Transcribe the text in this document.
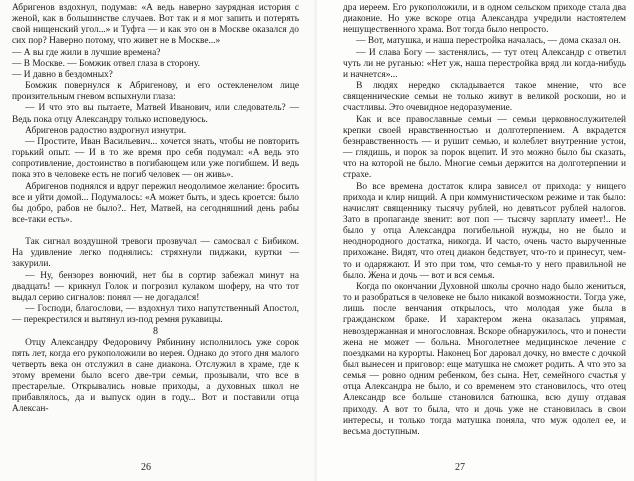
Абригенов вздохнул, подумав: «А ведь наверно заурядная история с женой, как в большинстве случаев. Вот так и я мог запить и потерять свой нищенский угол...» и Туфта — и как это он в Москве оказался до сих пор? Наверно потому, что живет не в Москве...»

— А вы где жили в лучшие времена?

— В Москве. — Бомжик отвел глаза в сторону.

— И давно в бездомных?

Бомжик повернулся к Абригенову, и его остекленелом лице произительным гневом вспыхнули глаза:

— И что это вы пытаете, Матвей Иванович, или следователь? — Ведь пока отцу Александру только исповедуюсь.

Абригенов радостно вздрогнул изнутри.

— Простите, Иван Васильевич... хочется знать, чтобы не повторить горький опыт. — И в то же время про себя подумал: «А ведь это сопротивление, достоинство в погибающем или уже погибшем. И ведь пока это в человеке есть не погиб человек — он живь».

Абригенов поднялся и вдруг пережил неодолимое желание: бросить все и уйти домой... Подумалось: «А может быть, и здесь кроется: было бы добро, рабов не было?.. Нет, Матвей, на сегодняшний день рабы все-таки есть».

Так сигнал воздушной тревоги прозвучал — самосвал с Бибиком. На удивление легко поднялись: стряхнули пиджаки, куртки — закурили.

— Ну, бензорез вонючий, нет бы в сортир забежал минут на двадцать! — крикнул Голок и погрозил кулаком шоферу, на что тот выдал серию сигналов: понял — не догадался!

— Господи, благослови, — вздохнул тихо напутственный Апостол, — перекрестился и вытянул из-под ремня рукавицы.

8

Отцу Александру Федоровичу Рябинину исполнилось уже сорок пять лет, когда его рукоположили во иерея. Однако до этого дня малого четверть века он отслужил в сане диакона. Отслужил в храме, где к этому времени было всего две-три семьи, прозывали, что все в престарелые. Открывались новые приходы, а духовных школ не прибавлялось, да и выпуск один в году... Вот и поставили отца Алексан-

26

дра иереем. Его рукоположили, и в одном сельском приходе стала два диаконие. Но уже вскоре отца Александра учредили настоятелем нешущественного храма. Вот тогда было непросто.

— Вот, матушка, и наша перестройка началась, — домa сказал он.

— И слава Богу — застенялись, — тут отец Александр с ответил чуть ли не руганью: «Нет уж, наша перестройка вряд ли когда-нибудь и начнется»...

В людях нередко складывается такое мнение, что все священнические семьи не только живут в великой роскоши, но и счастливы. Это очевидное недоразумение.

Как и все православные семьи — семьи церковнослужителей крепки своей нравственностью и долготерпением. А вкрадется безнравственность — и рушит семью, и колеблет внутренние устои, — глядишь, и порок за порок вцепит. И это можно было бы сказать, что на которой не было. Многие семьи держится на долготерпении и страхе.

Во все времена достаток клира зависел от прихода: у нищего прихода и клир нищий. А при коммунистическом режиме и так было: начислят священнику тысячу рублей, но девятьсот рублей налогов. Зато в пропаганде звенит: вот поп — тысячу зарплату имеет!.. Не было у отца Александра погибельной нужды, но не было и неоднородного достатка, никогда. И часто, очень часто вырученные прихожане. Видят, что отец диакон бедствует, что-то и принесут, чем-то и одаряжают. И это при том, что семья-то у него правильной не было. Жена и дочь — вот и вся семья.

Когда по окончании Духовной школы срочно надо было жениться, то и разобраться в человеке не было никакой возможности. Тогда уже, лишь после венчания открылось, что молодая уже была в гражданском браке. И характером жена оказалась упрямая, невоздержанная и многословная. Вскоре обнаружилось, что и понести жена не может — больна. Многолетнее медицинское лечение с поездками на курорты. Наконец Бог даровал дочку, но вместе с дочкой был вынесен и приговор: еще матушка не сможет родить. А что это за семья — ровно одним ребенком, без сына. Нет, семейного счастья у отца Александра не было, и со временем это становилось, что отец Александр все больше становился батюшка, всю душу отдавая приходу. А вот то была, что и дочь уже не становилась в свои интересы, и только тогда матушка поняла, что муж одолел ее, и весьма доступным.

27
